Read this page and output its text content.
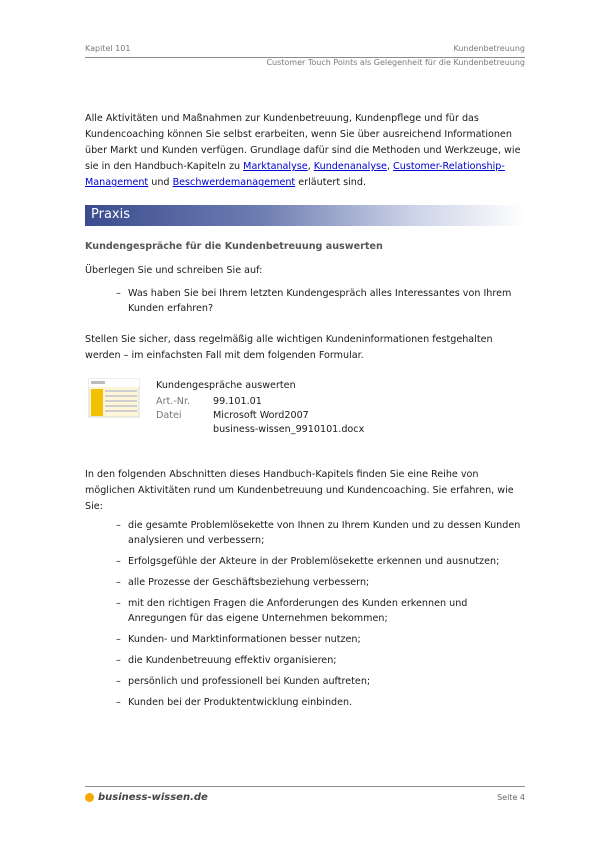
Kapitel 101	Kundenbetreuung
Customer Touch Points als Gelegenheit für die Kundenbetreuung

Alle Aktivitäten und Maßnahmen zur Kundenbetreuung, Kundenpflege und für das Kundencoaching können Sie selbst erarbeiten, wenn Sie über ausreichend Informationen über Markt und Kunden verfügen. Grundlage dafür sind die Methoden und Werkzeuge, wie sie in den Handbuch-Kapiteln zu Marktanalyse, Kundenanalyse, Customer-Relationship-Management und Beschwerdemanagement erläutert sind.

Praxis
Kundengespräche für die Kundenbetreuung auswerten

Überlegen Sie und schreiben Sie auf:

– Was haben Sie bei Ihrem letzten Kundengespräch alles Interessantes von Ihrem Kunden erfahren?

Stellen Sie sicher, dass regelmäßig alle wichtigen Kundeninformationen festgehalten werden – im einfachsten Fall mit dem folgenden Formular.

Kundengespräche auswerten
Art.-Nr.	99.101.01
Datei	Microsoft Word2007
business-wissen_9910101.docx

In den folgenden Abschnitten dieses Handbuch-Kapitels finden Sie eine Reihe von möglichen Aktivitäten rund um Kundenbetreuung und Kundencoaching. Sie erfahren, wie Sie:

– die gesamte Problemlösekette von Ihnen zu Ihrem Kunden und zu dessen Kunden analysieren und verbessern;
– Erfolgsgefühle der Akteure in der Problemlösekette erkennen und ausnutzen;
– alle Prozesse der Geschäftsbeziehung verbessern;
– mit den richtigen Fragen die Anforderungen des Kunden erkennen und Anregungen für das eigene Unternehmen bekommen;
– Kunden- und Marktinformationen besser nutzen;
– die Kundenbetreuung effektiv organisieren;
– persönlich und professionell bei Kunden auftreten;
– Kunden bei der Produktentwicklung einbinden.
business-wissen.de	Seite 4
